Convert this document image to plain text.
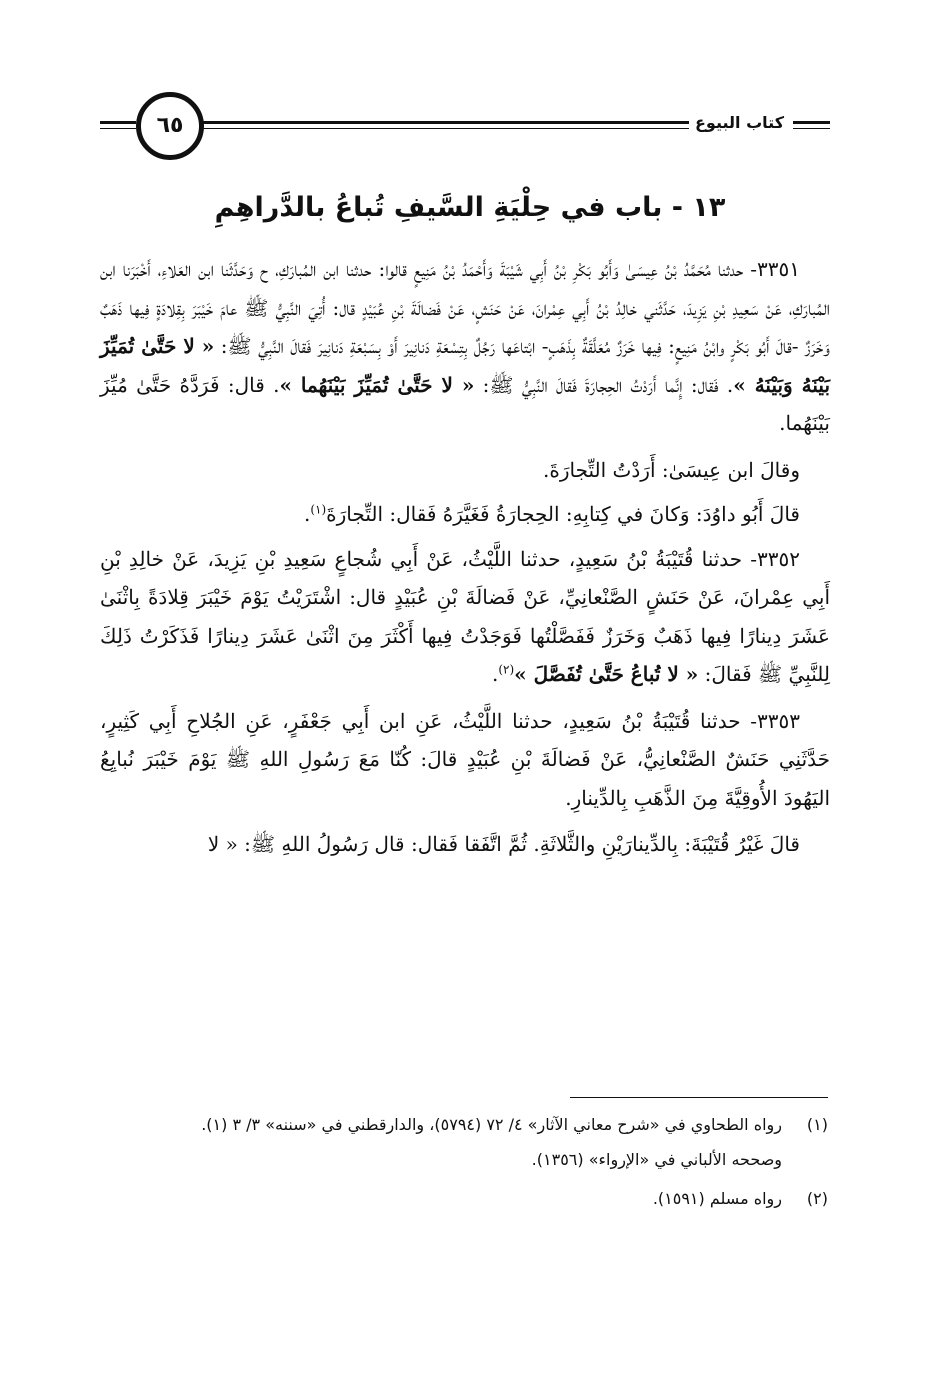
٦٥	كتاب البيوع
١٣ - باب في حِلْيَةِ السَّيفِ تُباعُ بالدَّراهِمِ

٣٣٥١- حدثنا مُحَمَّدُ بْنُ عِيسَىٰ وَأَبُو بَكْرِ بْنُ أَبِي شَيْبَةَ وَأَحْمَدُ بْنُ مَنِيعٍ قالوا: حدثنا ابن المُبارَكِ، ح وَحَدَّثَنا ابن العَلاءِ، أَخْبَرَنا ابن المُبارَكِ، عَنْ سَعِيدِ بْنِ يَزِيدَ، حَدَّثَني خالِدُ بْنُ أَبِي عِمْرانَ، عَنْ حَنَشٍ، عَنْ فَضالَةَ بْنِ عُبَيْدٍ قال: أُتِيَ النَّبِيُّ ﷺ عامَ خَيْبَرَ بِقِلادَةٍ فِيها ذَهَبٌ وَخَرَزٌ -قالَ أَبُو بَكْرٍ وابْنُ مَنِيعٍ: فِيها خَرَزٌ مُعَلَّقَةٌ بِذَهَبٍ- ابْتاعَها رَجُلٌ بِتِسْعَةِ دَنانِيرَ أَوْ بِسَبْعَةِ دَنانِيرَ فَقالَ النَّبِيُّ ﷺ: « لا حَتَّىٰ تُمَيِّزَ بَيْنَهُ وَبَيْنَهُ ». فَقال: إِنَّما أَرَدْتُ الحِجارَةَ فَقالَ النَّبِيُّ ﷺ: « لا حَتَّىٰ تُمَيِّزَ بَيْنَهُما ». قال: فَرَدَّهُ حَتَّىٰ مُيِّزَ بَيْنَهُما.

وقالَ ابن عِيسَىٰ: أَرَدْتُ التِّجارَةَ.

قالَ أَبُو داوُدَ: وَكانَ في كِتابِهِ: الحِجارَةُ فَغَيَّرَهُ فَقال: التِّجارَةَ$^{(١)}$.

٣٣٥٢- حدثنا قُتَيْبَةُ بْنُ سَعِيدٍ، حدثنا اللَّيْثُ، عَنْ أَبِي شُجاعٍ سَعِيدِ بْنِ يَزِيدَ، عَنْ خالِدِ بْنِ أَبِي عِمْرانَ، عَنْ حَنَشٍ الصَّنْعانِيِّ، عَنْ فَضالَةَ بْنِ عُبَيْدٍ قال: اشْتَرَيْتُ يَوْمَ خَيْبَرَ قِلادَةً بِاثْنَىٰ عَشَرَ دِينارًا فِيها ذَهَبٌ وَخَرَزٌ فَفَصَّلْتُها فَوَجَدْتُ فِيها أَكْثَرَ مِنَ اثْنَىٰ عَشَرَ دِينارًا فَذَكَرْتُ ذَلِكَ لِلنَّبِيِّ ﷺ فَقالَ: « لا تُباعُ حَتَّىٰ تُفَصَّلَ »$^{(٢)}$.

٣٣٥٣- حدثنا قُتَيْبَةُ بْنُ سَعِيدٍ، حدثنا اللَّيْثُ، عَنِ ابن أَبِي جَعْفَرٍ، عَنِ الجُلاحِ أَبِي كَثِيرٍ، حَدَّثَنِي حَنَشٌ الصَّنْعانِيُّ، عَنْ فَضالَةَ بْنِ عُبَيْدٍ قالَ: كُنّا مَعَ رَسُولِ اللهِ ﷺ يَوْمَ خَيْبَرَ نُبايِعُ اليَهُودَ الأُوقِيَّةَ مِنَ الذَّهَبِ بِالدِّينارِ.

قالَ غَيْرُ قُتَيْبَةَ: بِالدِّينارَيْنِ والثَّلاثَةِ. ثُمَّ اتَّفَقا فَقال: قال رَسُولُ اللهِ ﷺ: « لا

(١)
رواه الطحاوي في «شرح معاني الآثار» ٤/ ٧٢ (٥٧٩٤)، والدارقطني في «سننه» ٣/ ٣ (١).
وصححه الألباني في «الإرواء» (١٣٥٦).
(٢)
رواه مسلم (١٥٩١).
